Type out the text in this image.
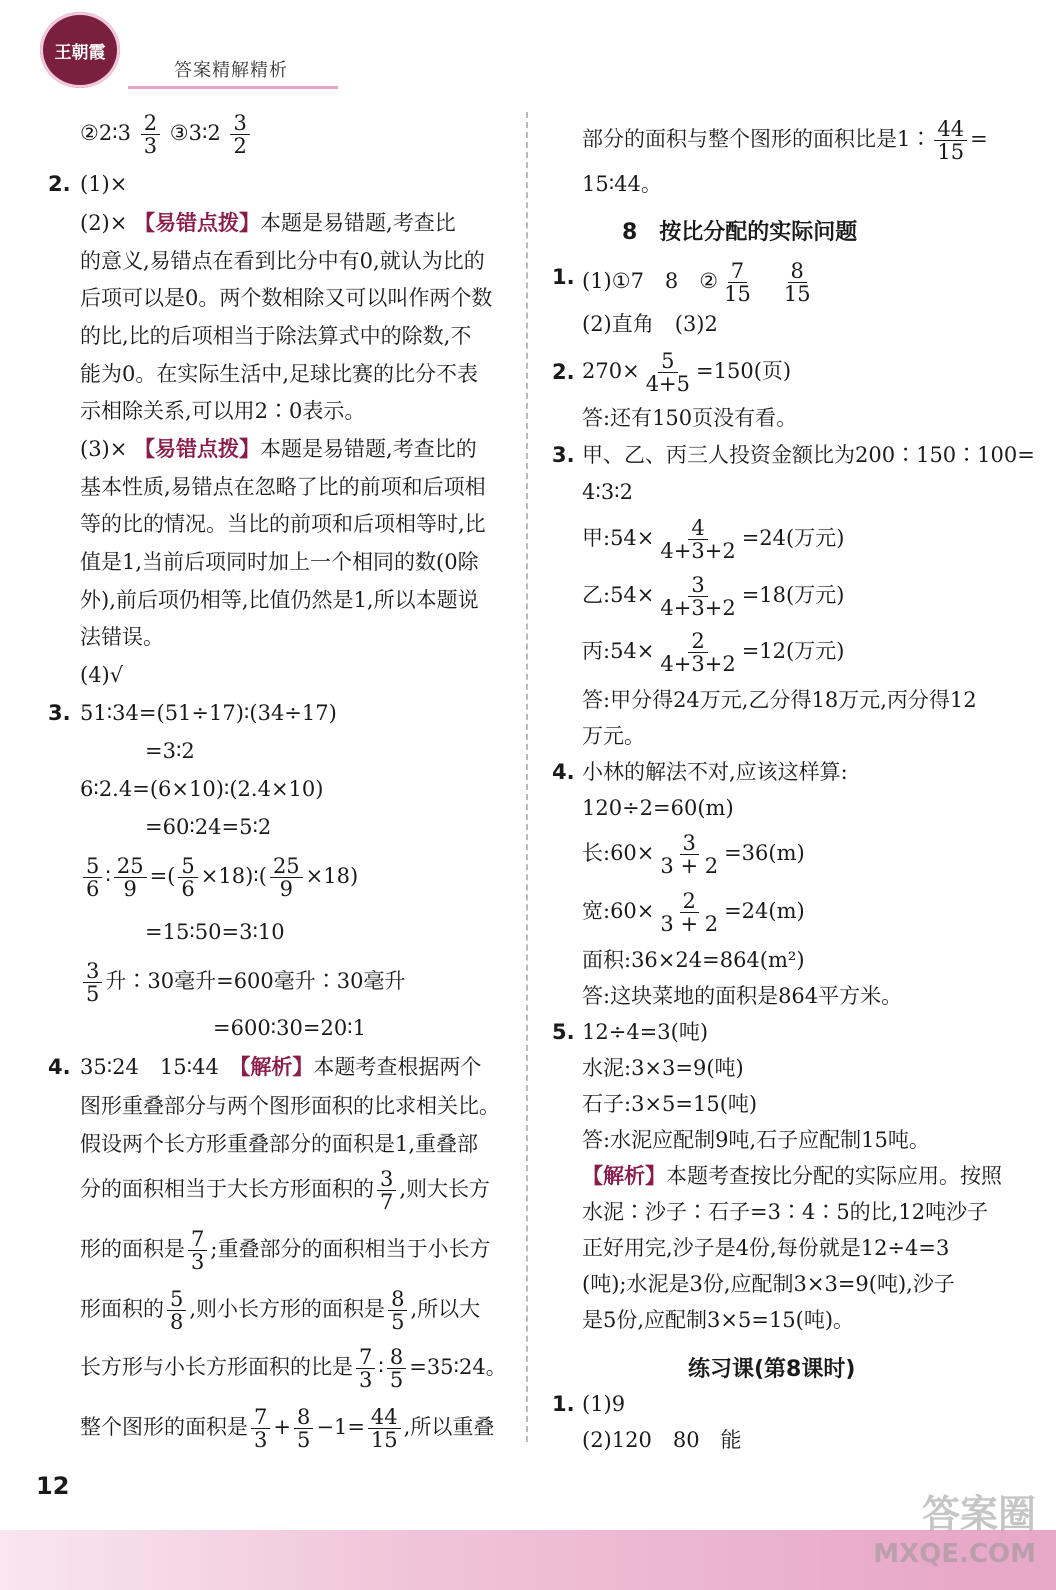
王朝霞
答案精解精析
②2∶3 $\frac{2}{3}$ ③3∶2 $\frac{3}{2}$
2. (1)×
(2)× 【易错点拨】本题是易错题,考查比
的意义,易错点在看到比分中有0,就认为比的
后项可以是0。两个数相除又可以叫作两个数
的比,比的后项相当于除法算式中的除数,不
能为0。在实际生活中,足球比赛的比分不表
示相除关系,可以用2∶0表示。
(3)× 【易错点拨】本题是易错题,考查比的
基本性质,易错点在忽略了比的前项和后项相
等的比的情况。当比的前项和后项相等时,比
值是1,当前后项同时加上一个相同的数(0除
外),前后项仍相等,比值仍然是1,所以本题说
法错误。
(4)√
3. 51∶34=(51÷17)∶(34÷17)
=3∶2
6∶2.4=(6×10)∶(2.4×10)
=60∶24=5∶2
$\frac{5}{6}$ ∶ $\frac{25}{9}$ =( $\frac{5}{6}$ ×18)∶( $\frac{25}{9} \times 18$)
=15∶50=3∶10
$\frac{3}{5}$ 升∶30毫升=600毫升∶30毫升
=600∶30=20∶1
4. 35∶24　15∶44　 【解析】本题考查根据两个
图形重叠部分与两个图形面积的比求相关比。
假设两个长方形重叠部分的面积是1,重叠部
分的面积相当于大长方形面积的 $\frac{3}{7}$ ,则大长方
形的面积是 $\frac{7}{3}$ ;重叠部分的面积相当于小长方
形面积的 $\frac{5}{8}$ ,则小长方形的面积是 $\frac{8}{5}$ ,所以大
长方形与小长方形面积的比是 $\frac{7}{3}$ ∶ $\frac{8}{5}$ =35∶24。
整个图形的面积是 $\frac{7}{3} + \frac{8}{5} -1= \frac{44}{15}$ ,所以重叠
部分的面积与整个图形的面积比是1∶ $\frac{44}{15}$ =
15∶44。
8　按比分配的实际问题
1. (1)①7　8　② $\frac{7}{15}$
　 $\frac{8}{15}$
(2)直角　(3)2
2. $270\times \frac{5}{4+5} =150$(页)
答:还有150页没有看。
3. 甲、乙、丙三人投资金额比为200∶150∶100=
4∶3∶2
甲:54× $\frac{4}{4+3+2} =24$(万元)
乙:54× $\frac{3}{4+3+2} =18$(万元)
丙:54× $\frac{2}{4+3+2} =12$(万元)
答:甲分得24万元,乙分得18万元,丙分得12
万元。
4. 小林的解法不对,应该这样算:
120÷2=60(m)
长:60× $\frac{3}{3 + 2} =36(m)$
宽:60× $\frac{2}{3 + 2} =24(m)$
面积:36×24=864(m²)
答:这块菜地的面积是864平方米。
5. 12÷4=3(吨)
水泥:3×3=9(吨)
石子:3×5=15(吨)
答:水泥应配制9吨,石子应配制15吨。
【解析】本题考查按比分配的实际应用。按照
水泥∶沙子∶石子=3∶4∶5的比,12吨沙子
正好用完,沙子是4份,每份就是12÷4=3
(吨);水泥是3份,应配制3×3=9(吨),沙子
是5份,应配制3×5=15(吨)。
练习课(第8课时)
1. (1)9
(2)120　80　能
12
答案圈
MXQE.COM
